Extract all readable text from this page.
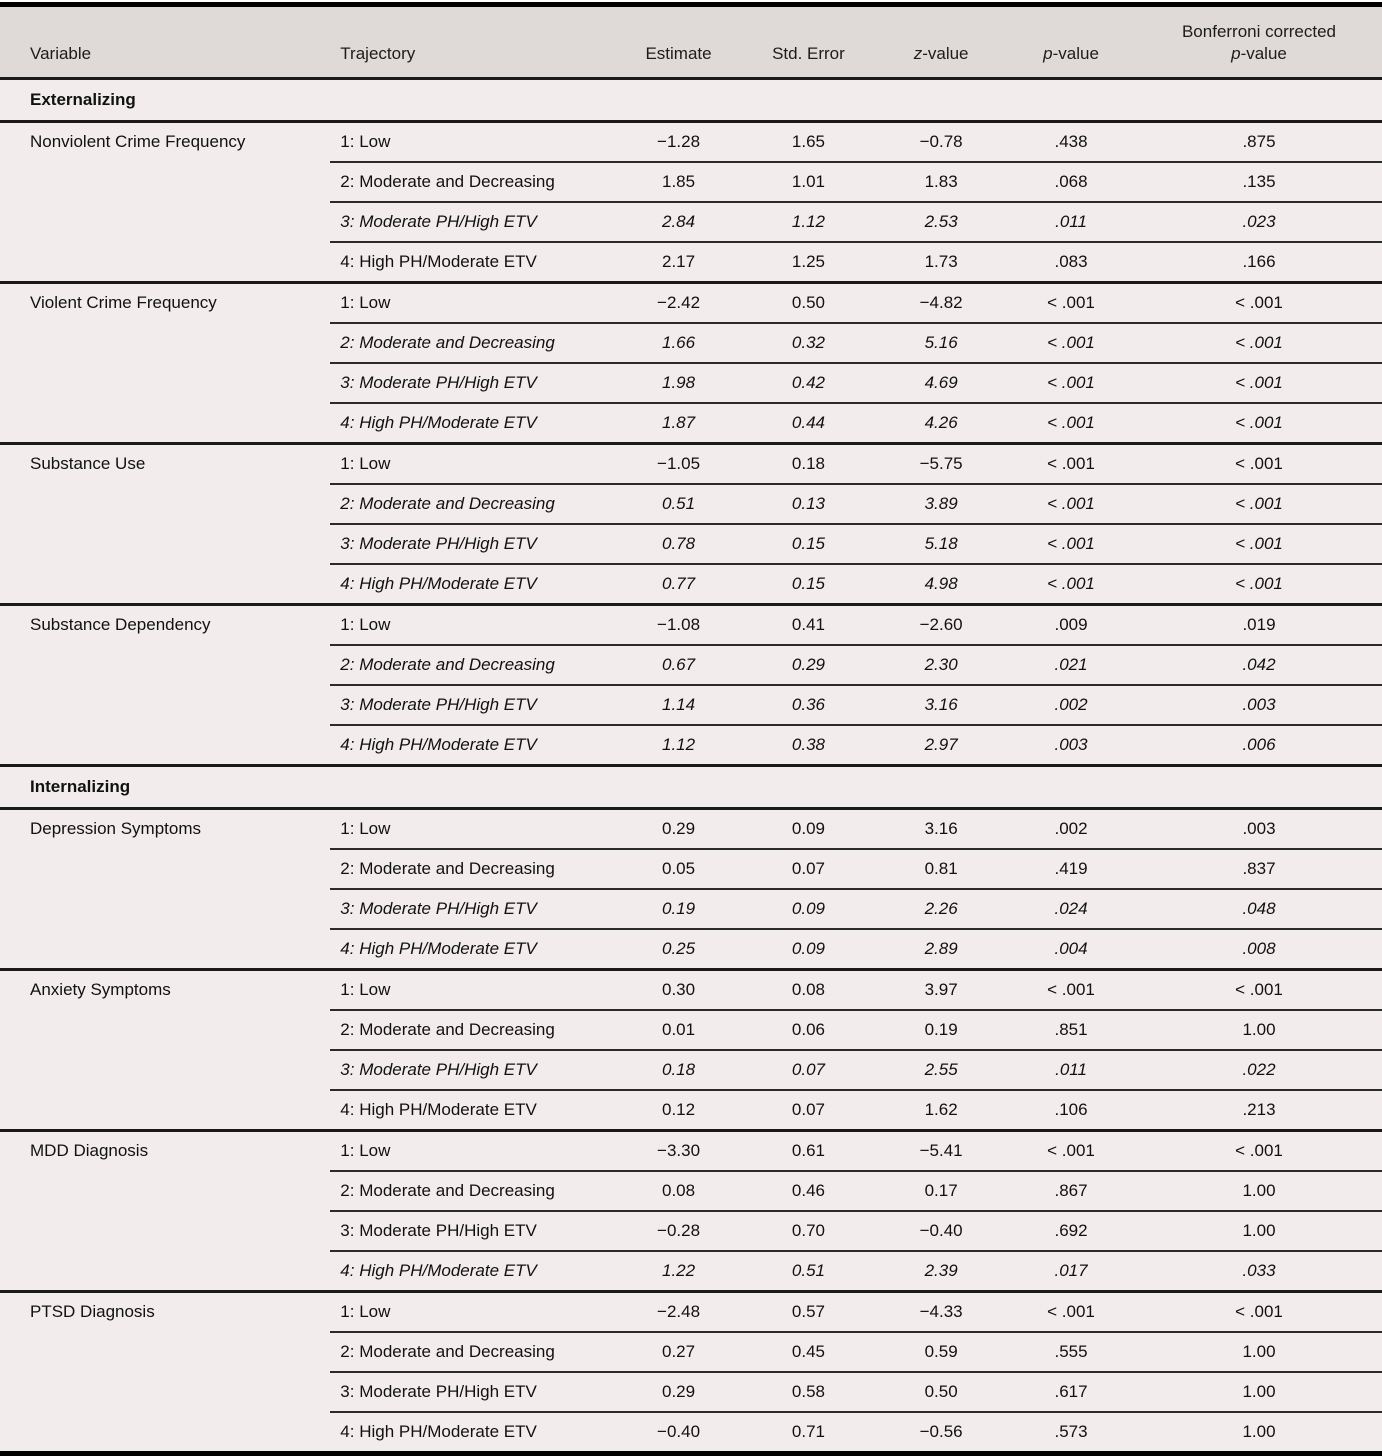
Variable	Trajectory	Estimate	Std. Error	z-value	p-value	Bonferroni corrected
p-value
Externalizing						
Nonviolent Crime Frequency	1: Low	−1.28	1.65	−0.78	.438	.875
	2: Moderate and Decreasing	1.85	1.01	1.83	.068	.135
	3: Moderate PH/High ETV	2.84	1.12	2.53	.011	.023
	4: High PH/Moderate ETV	2.17	1.25	1.73	.083	.166
Violent Crime Frequency	1: Low	−2.42	0.50	−4.82	< .001	< .001
	2: Moderate and Decreasing	1.66	0.32	5.16	< .001	< .001
	3: Moderate PH/High ETV	1.98	0.42	4.69	< .001	< .001
	4: High PH/Moderate ETV	1.87	0.44	4.26	< .001	< .001
Substance Use	1: Low	−1.05	0.18	−5.75	< .001	< .001
	2: Moderate and Decreasing	0.51	0.13	3.89	< .001	< .001
	3: Moderate PH/High ETV	0.78	0.15	5.18	< .001	< .001
	4: High PH/Moderate ETV	0.77	0.15	4.98	< .001	< .001
Substance Dependency	1: Low	−1.08	0.41	−2.60	.009	.019
	2: Moderate and Decreasing	0.67	0.29	2.30	.021	.042
	3: Moderate PH/High ETV	1.14	0.36	3.16	.002	.003
	4: High PH/Moderate ETV	1.12	0.38	2.97	.003	.006
Internalizing						
Depression Symptoms	1: Low	0.29	0.09	3.16	.002	.003
	2: Moderate and Decreasing	0.05	0.07	0.81	.419	.837
	3: Moderate PH/High ETV	0.19	0.09	2.26	.024	.048
	4: High PH/Moderate ETV	0.25	0.09	2.89	.004	.008
Anxiety Symptoms	1: Low	0.30	0.08	3.97	< .001	< .001
	2: Moderate and Decreasing	0.01	0.06	0.19	.851	1.00
	3: Moderate PH/High ETV	0.18	0.07	2.55	.011	.022
	4: High PH/Moderate ETV	0.12	0.07	1.62	.106	.213
MDD Diagnosis	1: Low	−3.30	0.61	−5.41	< .001	< .001
	2: Moderate and Decreasing	0.08	0.46	0.17	.867	1.00
	3: Moderate PH/High ETV	−0.28	0.70	−0.40	.692	1.00
	4: High PH/Moderate ETV	1.22	0.51	2.39	.017	.033
PTSD Diagnosis	1: Low	−2.48	0.57	−4.33	< .001	< .001
	2: Moderate and Decreasing	0.27	0.45	0.59	.555	1.00
	3: Moderate PH/High ETV	0.29	0.58	0.50	.617	1.00
	4: High PH/Moderate ETV	−0.40	0.71	−0.56	.573	1.00
